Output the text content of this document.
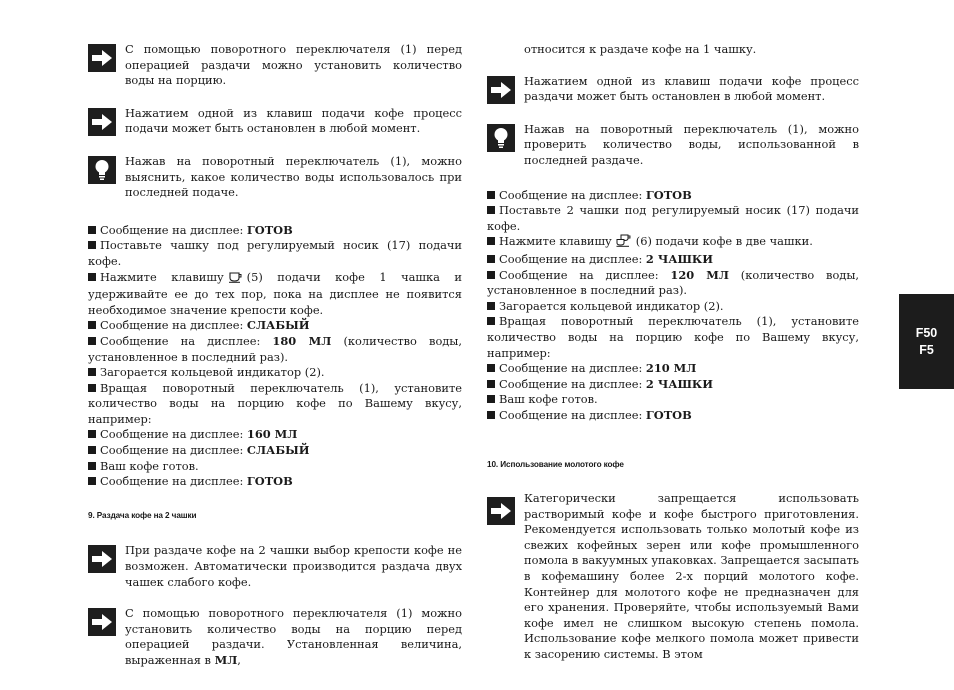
С помощью поворотного переключателя (1) перед операцией раздачи можно установить количество воды на порцию.

Нажатием одной из клавиш подачи кофе процесс подачи может быть остановлен в любой момент.

Нажав на поворотный переключатель (1), можно выяснить, какое количество воды использовалось при последней подаче.

Сообщение на дисплее: ГОТОВ

Поставьте чашку под регулируемый носик (17) подачи кофе.

Нажмите клавишу (5) подачи кофе 1 чашка и удерживайте ее до тех пор, пока на дисплее не появится необходимое значение крепости кофе.

Сообщение на дисплее: СЛАБЫЙ

Сообщение на дисплее: 180 МЛ (количество воды, установленное в последний раз).

Загорается кольцевой индикатор (2).

Вращая поворотный переключатель (1), установите количество воды на порцию кофе по Вашему вкусу, например:

Сообщение на дисплее: 160 МЛ

Сообщение на дисплее: СЛАБЫЙ

Ваш кофе готов.

Сообщение на дисплее: ГОТОВ

9. Раздача кофе на 2 чашки

При раздаче кофе на 2 чашки выбор крепости кофе не возможен. Автоматически производится раздача двух чашек слабого кофе.

С помощью поворотного переключателя (1) можно установить количество воды на порцию перед операцией раздачи. Установленная величина, выраженная в МЛ,

относится к раздаче кофе на 1 чашку.

Нажатием одной из клавиш подачи кофе процесс раздачи может быть остановлен в любой момент.

Нажав на поворотный переключатель (1), можно проверить количество воды, использованной в последней раздаче.

Сообщение на дисплее: ГОТОВ

Поставьте 2 чашки под регулируемый носик (17) подачи кофе.

Нажмите клавишу (6) подачи кофе в две чашки.

Сообщение на дисплее: 2 ЧАШКИ

Сообщение на дисплее: 120 МЛ (количество воды, установленное в последний раз).

Загорается кольцевой индикатор (2).

Вращая поворотный переключатель (1), установите количество воды на порцию кофе по Вашему вкусу, например:

Сообщение на дисплее: 210 МЛ

Сообщение на дисплее: 2 ЧАШКИ

Ваш кофе готов.

Сообщение на дисплее: ГОТОВ

10. Использование молотого кофе

Категорически запрещается использовать растворимый кофе и кофе быстрого приготовления. Рекомендуется использовать только молотый кофе из свежих кофейных зерен или кофе промышленного помола в вакуумных упаковках. Запрещается засыпать в кофемашину более 2-х порций молотого кофе. Контейнер для молотого кофе не предназначен для его хранения. Проверяйте, чтобы используемый Вами кофе имел не слишком высокую степень помола. Использование кофе мелкого помола может привести к засорению системы. В этом

F50
F5
